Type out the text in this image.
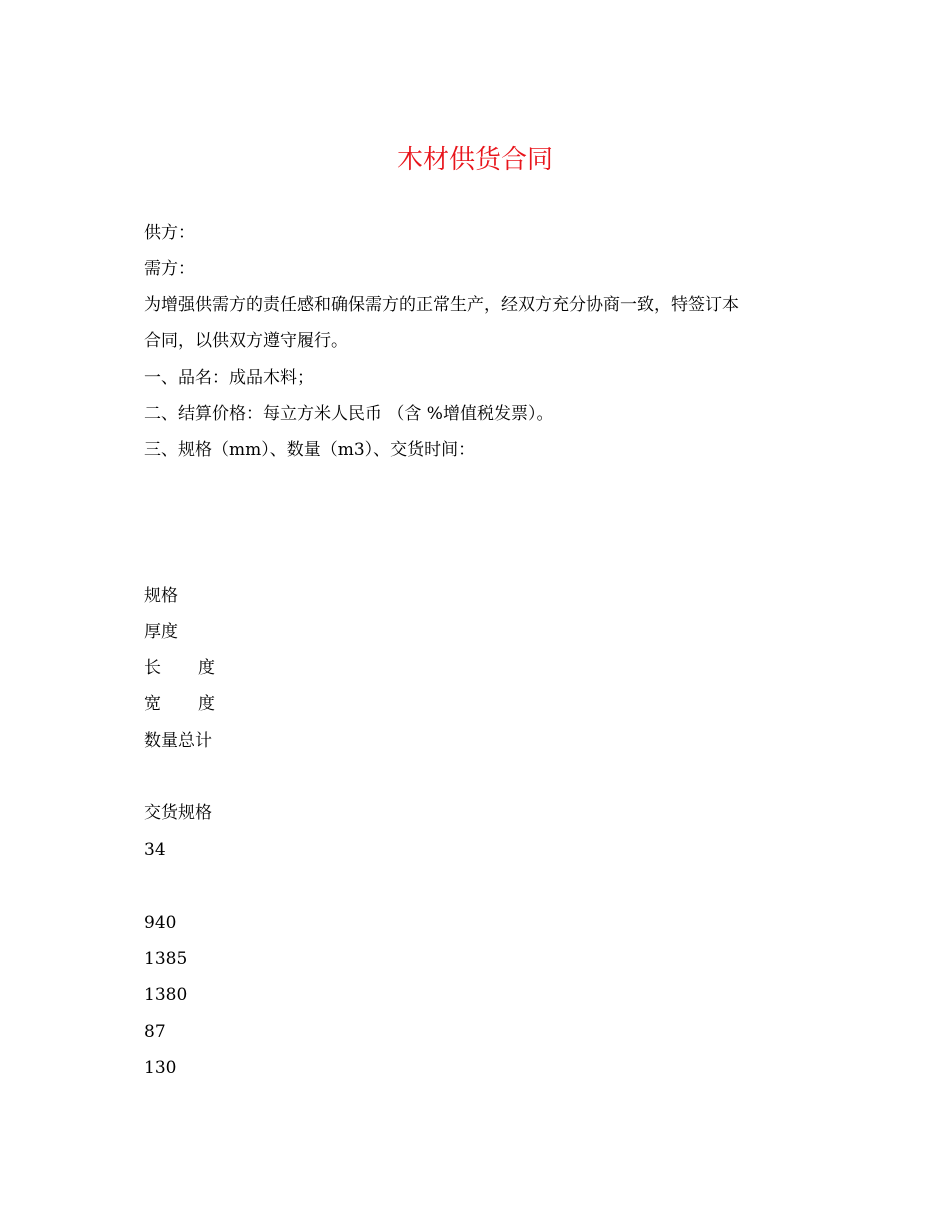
木材供货合同
供方：
需方：
为增强供需方的责任感和确保需方的正常生产，经双方充分协商一致，特签订本
合同，以供双方遵守履行。
一、品名：成品木料；
二、结算价格：每立方米人民币 （含 %增值税发票）。
三、规格（mm）、数量（m3）、交货时间：
规格
厚度
长 度
宽 度
数量总计
交货规格
34
940
1385
1380
87
130
